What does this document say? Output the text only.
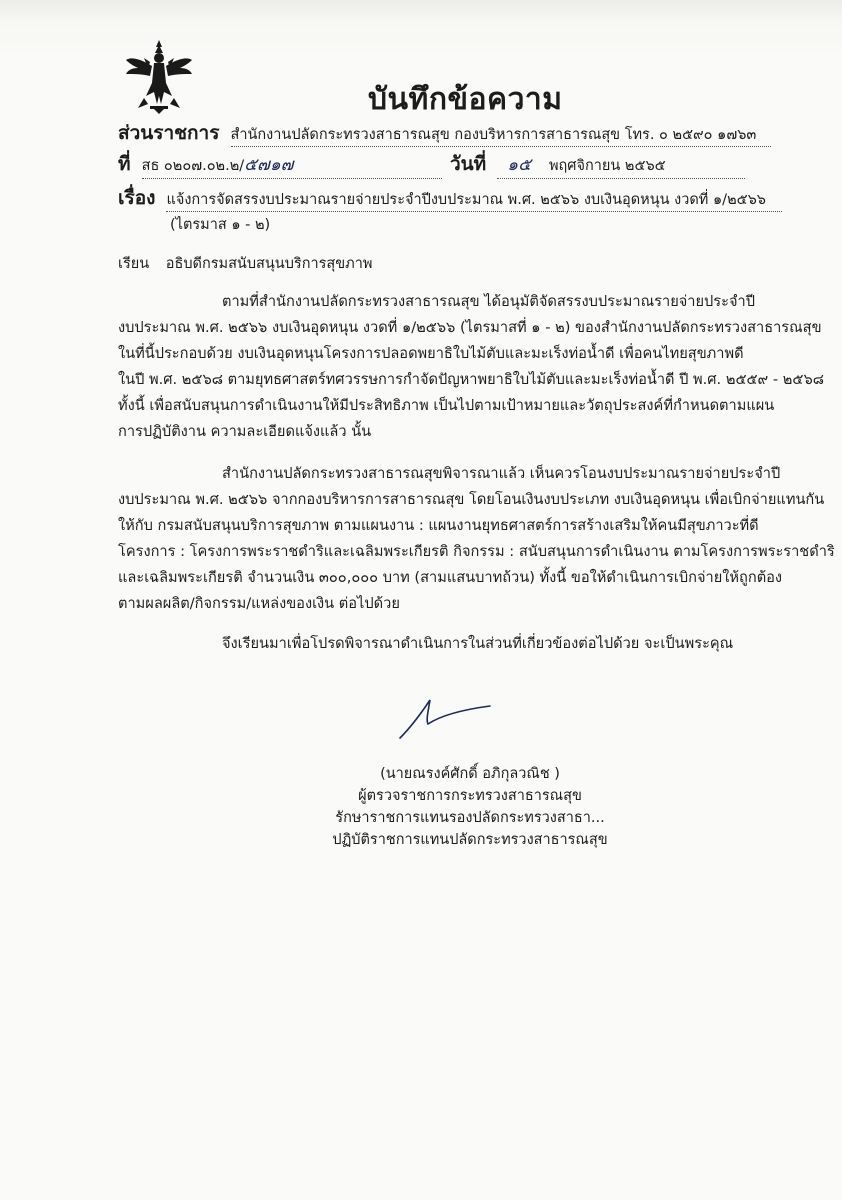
บันทึกข้อความ
ส่วนราชการ สำนักงานปลัดกระทรวงสาธารณสุข กองบริหารการสาธารณสุข โทร. ๐ ๒๕๙๐ ๑๗๖๓
ที่ สธ ๐๒๐๗.๐๒.๒/๕๗๑๗	วันที่ ๑๕ พฤศจิกายน ๒๕๖๕
เรื่อง แจ้งการจัดสรรงบประมาณรายจ่ายประจำปีงบประมาณ พ.ศ. ๒๕๖๖ งบเงินอุดหนุน งวดที่ ๑/๒๕๖๖
(ไตรมาส ๑ - ๒)
เรียน อธิบดีกรมสนับสนุนบริการสุขภาพ
ตามที่สำนักงานปลัดกระทรวงสาธารณสุข ได้อนุมัติจัดสรรงบประมาณรายจ่ายประจำปี
งบประมาณ พ.ศ. ๒๕๖๖ งบเงินอุดหนุน งวดที่ ๑/๒๕๖๖ (ไตรมาสที่ ๑ - ๒) ของสำนักงานปลัดกระทรวงสาธารณสุข
ในที่นี้ประกอบด้วย งบเงินอุดหนุนโครงการปลอดพยาธิใบไม้ตับและมะเร็งท่อน้ำดี เพื่อคนไทยสุขภาพดี
ในปี พ.ศ. ๒๕๖๘ ตามยุทธศาสตร์ทศวรรษการกำจัดปัญหาพยาธิใบไม้ตับและมะเร็งท่อน้ำดี ปี พ.ศ. ๒๕๕๙ - ๒๕๖๘
ทั้งนี้ เพื่อสนับสนุนการดำเนินงานให้มีประสิทธิภาพ เป็นไปตามเป้าหมายและวัตถุประสงค์ที่กำหนดตามแผน
การปฏิบัติงาน ความละเอียดแจ้งแล้ว นั้น
สำนักงานปลัดกระทรวงสาธารณสุขพิจารณาแล้ว เห็นควรโอนงบประมาณรายจ่ายประจำปี
งบประมาณ พ.ศ. ๒๕๖๖ จากกองบริหารการสาธารณสุข โดยโอนเงินงบประเภท งบเงินอุดหนุน เพื่อเบิกจ่ายแทนกัน
ให้กับ กรมสนับสนุนบริการสุขภาพ ตามแผนงาน : แผนงานยุทธศาสตร์การสร้างเสริมให้คนมีสุขภาวะที่ดี
โครงการ : โครงการพระราชดำริและเฉลิมพระเกียรติ กิจกรรม : สนับสนุนการดำเนินงาน ตามโครงการพระราชดำริ
และเฉลิมพระเกียรติ จำนวนเงิน ๓๐๐,๐๐๐ บาท (สามแสนบาทถ้วน) ทั้งนี้ ขอให้ดำเนินการเบิกจ่ายให้ถูกต้อง
ตามผลผลิต/กิจกรรม/แหล่งของเงิน ต่อไปด้วย
จึงเรียนมาเพื่อโปรดพิจารณาดำเนินการในส่วนที่เกี่ยวข้องต่อไปด้วย จะเป็นพระคุณ
(นายณรงค์ศักดิ์ อภิกุลวณิช )
ผู้ตรวจราชการกระทรวงสาธารณสุข
รักษาราชการแทนรองปลัดกระทรวงสาธา...
ปฏิบัติราชการแทนปลัดกระทรวงสาธารณสุข
